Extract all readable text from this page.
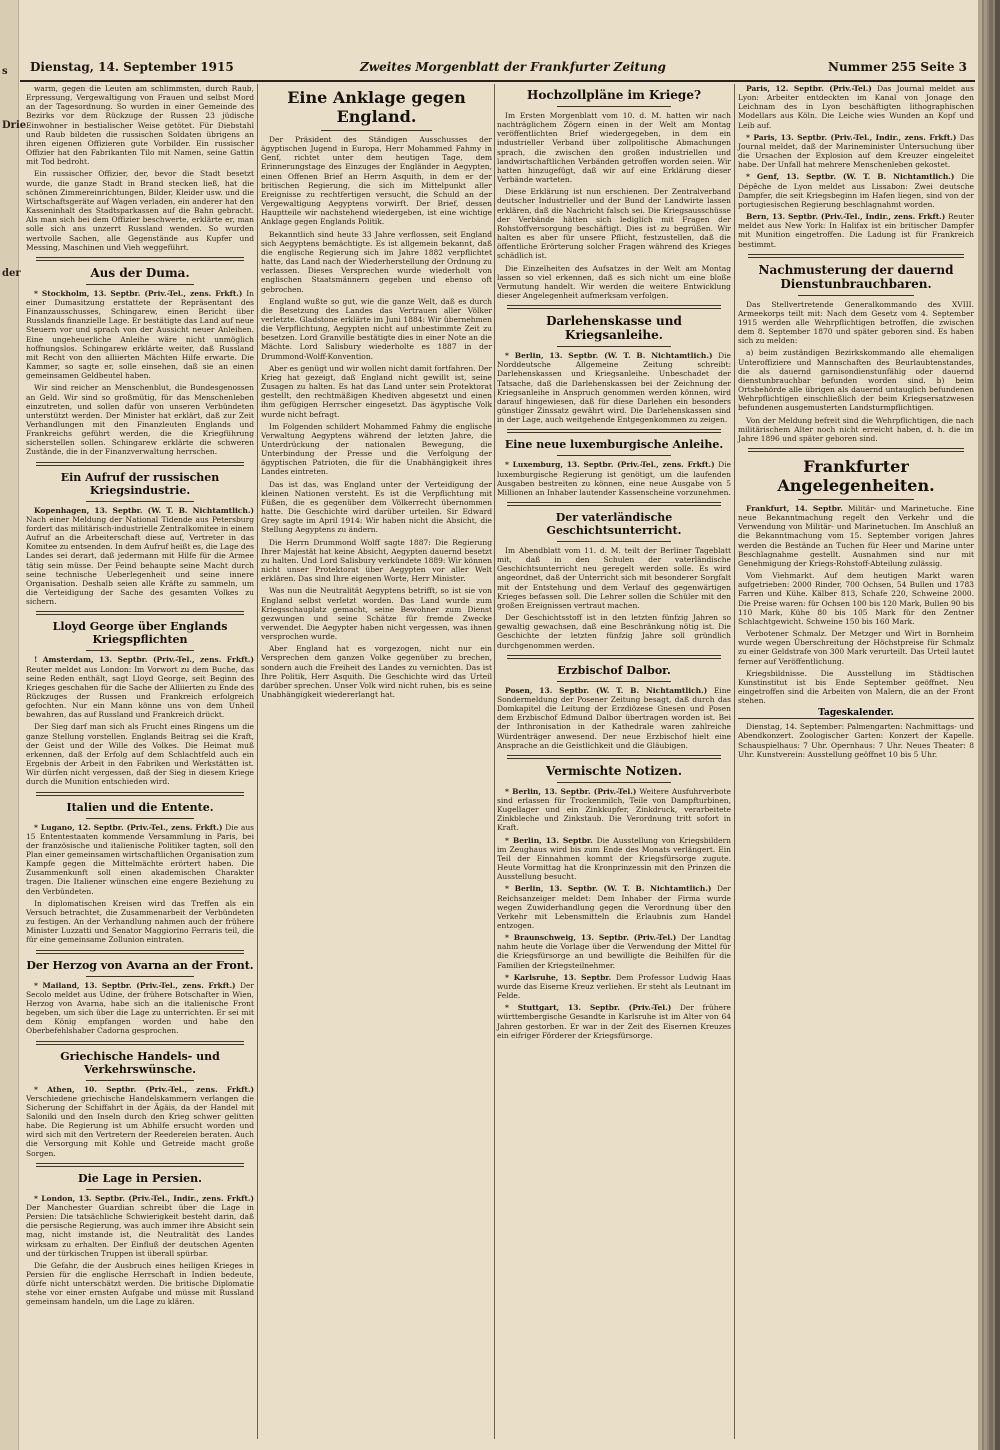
s
Drie
der
Dienstag, 14. September 1915	Zweites Morgenblatt der Frankfurter Zeitung	Nummer 255 Seite 3

warm, gegen die Leuten am schlimmsten, durch Raub, Erpressung, Vergewaltigung von Frauen und selbst Mord an der Tagesordnung. So wurden in einer Gemeinde des Bezirks vor dem Rückzuge der Russen 23 jüdische Einwohner in bestialischer Weise getötet. Für Diebstahl und Raub bildeten die russischen Soldaten übrigens an ihren eigenen Offizieren gute Vorbilder. Ein russischer Offizier hat den Fabrikanten Tilo mit Namen, seine Gattin mit Tod bedroht.

Ein russischer Offizier, der, bevor die Stadt besetzt wurde, die ganze Stadt in Brand stecken ließ, hat die schönen Zimmereinrichtungen, Bilder, Kleider usw. und die Wirtschaftsgeräte auf Wagen verladen, ein anderer hat den Kasseninhalt des Stadtsparkassen auf die Bahn gebracht. Als man sich bei dem Offizier beschwerte, erklärte er, man solle sich ans unzerrt Russland wenden. So wurden wertvolle Sachen, alle Gegenstände aus Kupfer und Messing, Maschinen und Vieh weggeführt.

Aus der Duma.

* Stockholm, 13. Septbr. (Priv.-Tel., zens. Frkft.) In einer Dumasitzung erstattete der Repräsentant des Finanzausschusses, Schingarew, einen Bericht über Russlands finanzielle Lage. Er bestätigte das Land auf neue Steuern vor und sprach von der Aussicht neuer Anleihen. Eine ungeheuerliche Anleihe wäre nicht unmöglich hoffnungslos. Schingarew erklärte weiter, daß Russland mit Recht von den alliierten Mächten Hilfe erwarte. Die Kammer, so sagte er, solle einsehen, daß sie an einen gemeinsamen Geldbeutel haben.

Wir sind reicher an Menschenblut, die Bundesgenossen an Geld. Wir sind so großmütig, für das Menschenleben einzutreten, und sollen dafür von unseren Verbündeten unterstützt werden. Der Minister hat erklärt, daß zur Zeit Verhandlungen mit den Finanzleuten Englands und Frankreichs geführt werden, die die Kriegführung sicherstellen sollen. Schingarew erklärte die schweren Zustände, die in der Finanzverwaltung herrschen.

Ein Aufruf der russischen Kriegsindustrie.

Kopenhagen, 13. Septbr. (W. T. B. Nichtamtlich.) Nach einer Meldung der National Tidende aus Petersburg fordert das militärisch-industrielle Zentralkomitee in einem Aufruf an die Arbeiterschaft diese auf, Vertreter in das Komitee zu entsenden. In dem Aufruf heißt es, die Lage des Landes sei derart, daß jedermann mit Hilfe für die Armee tätig sein müsse. Der Feind behaupte seine Macht durch seine technische Ueberlegenheit und seine innere Organisation. Deshalb seien alle Kräfte zu sammeln, um die Verteidigung der Sache des gesamten Volkes zu sichern.

Lloyd George über Englands Kriegspflichten

! Amsterdam, 13. Septbr. (Priv.-Tel., zens. Frkft.) Reuter meldet aus London: Im Vorwort zu dem Buche, das seine Reden enthält, sagt Lloyd George, seit Beginn des Krieges geschahen für die Sache der Alliierten zu Ende des Rückzuges der Russen und Frankreich erfolgreich gefochten. Nur ein Mann könne uns von dem Unheil bewahren, das auf Russland und Frankreich drückt.

Der Sieg darf man sich als Frucht eines Ringens um die ganze Stellung vorstellen. Englands Beitrag sei die Kraft, der Geist und der Wille des Volkes. Die Heimat muß erkennen, daß der Erfolg auf dem Schlachtfeld auch ein Ergebnis der Arbeit in den Fabriken und Werkstätten ist. Wir dürfen nicht vergessen, daß der Sieg in diesem Kriege durch die Munition entschieden wird.

Italien und die Entente.

* Lugano, 12. Septbr. (Priv.-Tel., zens. Frkft.) Die aus 15 Ententestaaten kommende Versammlung in Paris, bei der französische und italienische Politiker tagten, soll den Plan einer gemeinsamen wirtschaftlichen Organisation zum Kampfe gegen die Mittelmächte erörtert haben. Die Zusammenkunft soll einen akademischen Charakter tragen. Die Italiener wünschen eine engere Beziehung zu den Verbündeten.

In diplomatischen Kreisen wird das Treffen als ein Versuch betrachtet, die Zusammenarbeit der Verbündeten zu festigen. An der Verhandlung nahmen auch der frühere Minister Luzzatti und Senator Maggiorino Ferraris teil, die für eine gemeinsame Zollunion eintraten.

Der Herzog von Avarna an der Front.

* Mailand, 13. Septbr. (Priv.-Tel., zens. Frkft.) Der Secolo meldet aus Udine, der frühere Botschafter in Wien, Herzog von Avarna, habe sich an die italienische Front begeben, um sich über die Lage zu unterrichten. Er sei mit dem König empfangen worden und habe den Oberbefehlshaber Cadorna gesprochen.

Griechische Handels- und Verkehrswünsche.

* Athen, 10. Septbr. (Priv.-Tel., zens. Frkft.) Verschiedene griechische Handelskammern verlangen die Sicherung der Schiffahrt in der Ägäis, da der Handel mit Saloniki und den Inseln durch den Krieg schwer gelitten habe. Die Regierung ist um Abhilfe ersucht worden und wird sich mit den Vertretern der Reedereien beraten. Auch die Versorgung mit Kohle und Getreide macht große Sorgen.

Die Lage in Persien.

* London, 13. Septbr. (Priv.-Tel., Indir., zens. Frkft.) Der Manchester Guardian schreibt über die Lage in Persien: Die tatsächliche Schwierigkeit besteht darin, daß die persische Regierung, was auch immer ihre Absicht sein mag, nicht imstande ist, die Neutralität des Landes wirksam zu erhalten. Der Einfluß der deutschen Agenten und der türkischen Truppen ist überall spürbar.

Die Gefahr, die der Ausbruch eines heiligen Krieges in Persien für die englische Herrschaft in Indien bedeute, dürfe nicht unterschätzt werden. Die britische Diplomatie stehe vor einer ernsten Aufgabe und müsse mit Russland gemeinsam handeln, um die Lage zu klären.

Eine Anklage gegen England.

Der Präsident des Ständigen Ausschusses der ägyptischen Jugend in Europa, Herr Mohammed Fahmy in Genf, richtet unter dem heutigen Tage, dem Erinnerungstage des Einzuges der Engländer in Aegypten, einen Offenen Brief an Herrn Asquith, in dem er der britischen Regierung, die sich im Mittelpunkt aller Ereignisse zu rechtfertigen versucht, die Schuld an der Vergewaltigung Aegyptens vorwirft. Der Brief, dessen Hauptteile wir nachstehend wiedergeben, ist eine wichtige Anklage gegen Englands Politik.

Bekanntlich sind heute 33 Jahre verflossen, seit England sich Aegyptens bemächtigte. Es ist allgemein bekannt, daß die englische Regierung sich im Jahre 1882 verpflichtet hatte, das Land nach der Wiederherstellung der Ordnung zu verlassen. Dieses Versprechen wurde wiederholt von englischen Staatsmännern gegeben und ebenso oft gebrochen.

England wußte so gut, wie die ganze Welt, daß es durch die Besetzung des Landes das Vertrauen aller Völker verletzte. Gladstone erklärte im Juni 1884: Wir übernehmen die Verpflichtung, Aegypten nicht auf unbestimmte Zeit zu besetzen. Lord Granville bestätigte dies in einer Note an die Mächte. Lord Salisbury wiederholte es 1887 in der Drummond-Wolff-Konvention.

Aber es genügt und wir wollen nicht damit fortfahren. Der Krieg hat gezeigt, daß England nicht gewillt ist, seine Zusagen zu halten. Es hat das Land unter sein Protektorat gestellt, den rechtmäßigen Khediven abgesetzt und einen ihm gefügigen Herrscher eingesetzt. Das ägyptische Volk wurde nicht befragt.

Im Folgenden schildert Mohammed Fahmy die englische Verwaltung Aegyptens während der letzten Jahre, die Unterdrückung der nationalen Bewegung, die Unterbindung der Presse und die Verfolgung der ägyptischen Patrioten, die für die Unabhängigkeit ihres Landes eintreten.

Das ist das, was England unter der Verteidigung der kleinen Nationen versteht. Es ist die Verpflichtung mit Füßen, die es gegenüber dem Völkerrecht übernommen hatte. Die Geschichte wird darüber urteilen. Sir Edward Grey sagte im April 1914: Wir haben nicht die Absicht, die Stellung Aegyptens zu ändern.

Die Herrn Drummond Wolff sagte 1887: Die Regierung Ihrer Majestät hat keine Absicht, Aegypten dauernd besetzt zu halten. Und Lord Salisbury verkündete 1889: Wir können nicht unser Protektorat über Aegypten vor aller Welt erklären. Das sind Ihre eigenen Worte, Herr Minister.

Was nun die Neutralität Aegyptens betrifft, so ist sie von England selbst verletzt worden. Das Land wurde zum Kriegsschauplatz gemacht, seine Bewohner zum Dienst gezwungen und seine Schätze für fremde Zwecke verwendet. Die Aegypter haben nicht vergessen, was ihnen versprochen wurde.

Aber England hat es vorgezogen, nicht nur ein Versprechen dem ganzen Volke gegenüber zu brechen, sondern auch die Freiheit des Landes zu vernichten. Das ist Ihre Politik, Herr Asquith. Die Geschichte wird das Urteil darüber sprechen. Unser Volk wird nicht ruhen, bis es seine Unabhängigkeit wiedererlangt hat.

Hochzollpläne im Kriege?

Im Ersten Morgenblatt vom 10. d. M. hatten wir nach nachträglichem Zögern einen in der Welt am Montag veröffentlichten Brief wiedergegeben, in dem ein industrieller Verband über zollpolitische Abmachungen sprach, die zwischen den großen industriellen und landwirtschaftlichen Verbänden getroffen worden seien. Wir hatten hinzugefügt, daß wir auf eine Erklärung dieser Verbände warteten.

Diese Erklärung ist nun erschienen. Der Zentralverband deutscher Industrieller und der Bund der Landwirte lassen erklären, daß die Nachricht falsch sei. Die Kriegsausschüsse der Verbände hätten sich lediglich mit Fragen der Rohstoffversorgung beschäftigt. Dies ist zu begrüßen. Wir halten es aber für unsere Pflicht, festzustellen, daß die öffentliche Erörterung solcher Fragen während des Krieges schädlich ist.

Die Einzelheiten des Aufsatzes in der Welt am Montag lassen so viel erkennen, daß es sich nicht um eine bloße Vermutung handelt. Wir werden die weitere Entwicklung dieser Angelegenheit aufmerksam verfolgen.

Darlehenskasse und Kriegsanleihe.

* Berlin, 13. Septbr. (W. T. B. Nichtamtlich.) Die Norddeutsche Allgemeine Zeitung schreibt: Darlehenskassen und Kriegsanleihe. Unbeschadet der Tatsache, daß die Darlehenskassen bei der Zeichnung der Kriegsanleihe in Anspruch genommen werden können, wird darauf hingewiesen, daß für diese Darlehen ein besonders günstiger Zinssatz gewährt wird. Die Darlehenskassen sind in der Lage, auch weitgehende Entgegenkommen zu zeigen.

Eine neue luxemburgische Anleihe.

* Luxemburg, 13. Septbr. (Priv.-Tel., zens. Frkft.) Die luxemburgische Regierung ist genötigt, um die laufenden Ausgaben bestreiten zu können, eine neue Ausgabe von 5 Millionen an Inhaber lautender Kassenscheine vorzunehmen.

Der vaterländische Geschichtsunterricht.

Im Abendblatt vom 11. d. M. teilt der Berliner Tageblatt mit, daß in den Schulen der vaterländische Geschichtsunterricht neu geregelt werden solle. Es wird angeordnet, daß der Unterricht sich mit besonderer Sorgfalt mit der Entstehung und dem Verlauf des gegenwärtigen Krieges befassen soll. Die Lehrer sollen die Schüler mit den großen Ereignissen vertraut machen.

Der Geschichtsstoff ist in den letzten fünfzig Jahren so gewaltig gewachsen, daß eine Beschränkung nötig ist. Die Geschichte der letzten fünfzig Jahre soll gründlich durchgenommen werden.

Erzbischof Dalbor.

Posen, 13. Septbr. (W. T. B. Nichtamtlich.) Eine Sondermeldung der Posener Zeitung besagt, daß durch das Domkapitel die Leitung der Erzdiözese Gnesen und Posen dem Erzbischof Edmund Dalbor übertragen worden ist. Bei der Inthronisation in der Kathedrale waren zahlreiche Würdenträger anwesend. Der neue Erzbischof hielt eine Ansprache an die Geistlichkeit und die Gläubigen.

Vermischte Notizen.

* Berlin, 13. Septbr. (Priv.-Tel.) Weitere Ausfuhrverbote sind erlassen für Trockenmilch, Teile von Dampfturbinen, Kugellager und ein Zinkkupfer, Zinkdruck, verarbeitete Zinkbleche und Zinkstaub. Die Verordnung tritt sofort in Kraft.

* Berlin, 13. Septbr. Die Ausstellung von Kriegsbildern im Zeughaus wird bis zum Ende des Monats verlängert. Ein Teil der Einnahmen kommt der Kriegsfürsorge zugute. Heute Vormittag hat die Kronprinzessin mit den Prinzen die Ausstellung besucht.

* Berlin, 13. Septbr. (W. T. B. Nichtamtlich.) Der Reichsanzeiger meldet: Dem Inhaber der Firma wurde wegen Zuwiderhandlung gegen die Verordnung über den Verkehr mit Lebensmitteln die Erlaubnis zum Handel entzogen.

* Braunschweig, 13. Septbr. (Priv.-Tel.) Der Landtag nahm heute die Vorlage über die Verwendung der Mittel für die Kriegsfürsorge an und bewilligte die Beihilfen für die Familien der Kriegsteilnehmer.

* Karlsruhe, 13. Septbr. Dem Professor Ludwig Haas wurde das Eiserne Kreuz verliehen. Er steht als Leutnant im Felde.

* Stuttgart, 13. Septbr. (Priv.-Tel.) Der frühere württembergische Gesandte in Karlsruhe ist im Alter von 64 Jahren gestorben. Er war in der Zeit des Eisernen Kreuzes ein eifriger Förderer der Kriegsfürsorge.

Paris, 12. Septbr. (Priv.-Tel.) Das Journal meldet aus Lyon: Arbeiter entdeckten im Kanal von Jonage den Leichnam des in Lyon beschäftigten lithographischen Modellars aus Köln. Die Leiche wies Wunden an Kopf und Leib auf.

* Paris, 13. Septbr. (Priv.-Tel., Indir., zens. Frkft.) Das Journal meldet, daß der Marineminister Untersuchung über die Ursachen der Explosion auf dem Kreuzer eingeleitet habe. Der Unfall hat mehrere Menschenleben gekostet.

* Genf, 13. Septbr. (W. T. B. Nichtamtlich.) Die Dépêche de Lyon meldet aus Lissabon: Zwei deutsche Dampfer, die seit Kriegsbeginn im Hafen liegen, sind von der portugiesischen Regierung beschlagnahmt worden.

Bern, 13. Septbr. (Priv.-Tel., Indir., zens. Frkft.) Reuter meldet aus New York: In Halifax ist ein britischer Dampfer mit Munition eingetroffen. Die Ladung ist für Frankreich bestimmt.

Nachmusterung der dauernd Dienstunbrauchbaren.

Das Stellvertretende Generalkommando des XVIII. Armeekorps teilt mit: Nach dem Gesetz vom 4. September 1915 werden alle Wehrpflichtigen betroffen, die zwischen dem 8. September 1870 und später geboren sind. Es haben sich zu melden:

a) beim zuständigen Bezirkskommando alle ehemaligen Unteroffiziere und Mannschaften des Beurlaubtenstandes, die als dauernd garnisondienstunfähig oder dauernd dienstunbrauchbar befunden worden sind. b) beim Ortsbehörde alle übrigen als dauernd untauglich befundenen Wehrpflichtigen einschließlich der beim Kriegsersatzwesen befundenen ausgemusterten Landsturmpflichtigen.

Von der Meldung befreit sind die Wehrpflichtigen, die nach militärischem Alter noch nicht erreicht haben, d. h. die im Jahre 1896 und später geboren sind.

Frankfurter Angelegenheiten.

Frankfurt, 14. Septbr. Militär- und Marinetuche. Eine neue Bekanntmachung regelt den Verkehr und die Verwendung von Militär- und Marinetuchen. Im Anschluß an die Bekanntmachung vom 15. September vorigen Jahres werden die Bestände an Tuchen für Heer und Marine unter Beschlagnahme gestellt. Ausnahmen sind nur mit Genehmigung der Kriegs-Rohstoff-Abteilung zulässig.

Vom Viehmarkt. Auf dem heutigen Markt waren aufgetrieben: 2000 Rinder, 700 Ochsen, 54 Bullen und 1783 Farren und Kühe. Kälber 813, Schafe 220, Schweine 2000. Die Preise waren: für Ochsen 100 bis 120 Mark, Bullen 90 bis 110 Mark, Kühe 80 bis 105 Mark für den Zentner Schlachtgewicht. Schweine 150 bis 160 Mark.

Verbotener Schmalz. Der Metzger und Wirt in Bornheim wurde wegen Überschreitung der Höchstpreise für Schmalz zu einer Geldstrafe von 300 Mark verurteilt. Das Urteil lautet ferner auf Veröffentlichung.

Kriegsbildnisse. Die Ausstellung im Städtischen Kunstinstitut ist bis Ende September geöffnet. Neu eingetroffen sind die Arbeiten von Malern, die an der Front stehen.

Tageskalender.

Dienstag, 14. September: Palmengarten: Nachmittags- und Abendkonzert. Zoologischer Garten: Konzert der Kapelle. Schauspielhaus: 7 Uhr. Opernhaus: 7 Uhr. Neues Theater: 8 Uhr. Kunstverein: Ausstellung geöffnet 10 bis 5 Uhr.
